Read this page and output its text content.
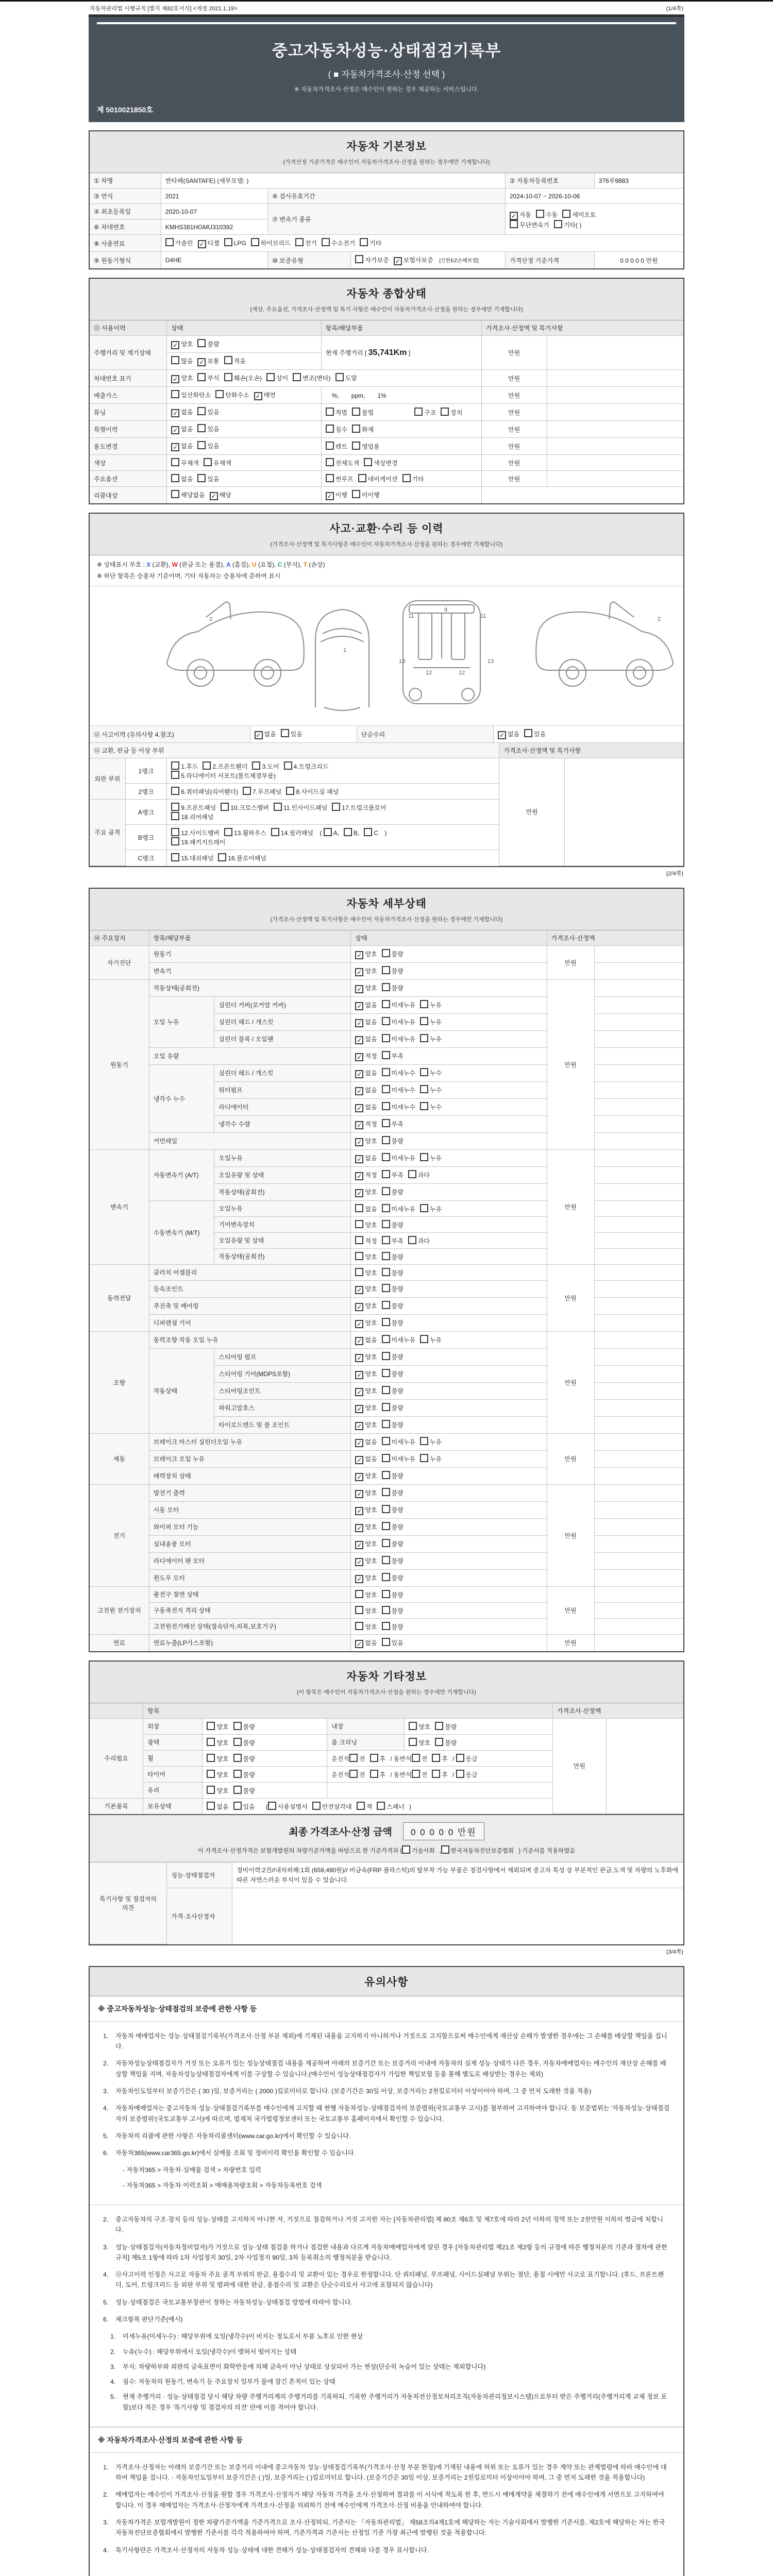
자동차관리법 시행규칙 [별지 제82호서식] <개정 2021.1.19>	(1/4쪽)
중고자동차성능·상태점검기록부
( ■ 자동차가격조사·산정 선택 )
※ 자동차가격조사·산정은 매수인이 원하는 경우 제공하는 서비스입니다.
제 5010021850호
자동차 기본정보
(가격산정 기준가격은 매수인이 자동차가격조사·산정을 원하는 경우에만 기재합니다)
① 차명	싼타페(SANTAFE) (세부모델: )			② 자동차등록번호	376루9883
③ 연식	2021	④ 검사유효기간		2024-10-07 ~ 2026-10-06	
⑤ 최초등록일	2020-10-07	⑦ 변속기 종류		✓ 자동 수동 세미오토
무단변속기 기타( )	
⑥ 차대번호	KMHS381HGMU310392				
⑧ 사용연료	가솔린 ✓ 디젤 LPG 하이브리드 전기 수소전기 기타				
⑨ 원동기형식	D4HE	⑩ 보증유형	자가보증 ✓ 보험사보증 [신한EZ손해보험]	가격산정 기준가격	0 0 0 0 0 만원
자동차 종합상태
(색상, 주요옵션, 가격조사·산정액 및 특기 사항은 매수인이 자동차가격조사·산정을 원하는 경우에만 기재합니다)
⑪ 사용이력	상태	항목/해당부품	가격조사·산정액 및 특기사항	
주행거리 및 계기상태	✓ 양호 불량	현재 주행거리 [ 35,741Km ]	만원	
	많음 ✓ 보통 적음			
차대번호 표기	✓ 양호 부식 훼손(오손) 상이 변조(변타) 도말		만원	
배출가스	일산화탄소 탄화수소 ✓ 매연	　%,　　ppm,　　1%	만원	
튜닝	✓ 없음 있음	적법 불법 구조 장치	만원	
특별이력	✓ 없음 있음	침수 화재	만원	
용도변경	✓ 없음 있음	렌트 영업용	만원	
색상	무채색 유채색	전체도색 색상변경	만원	
주요옵션	없음 있음	썬루프 네비게이션 기타	만원	
리콜대상	해당없음 ✓ 해당	✓ 이행 미이행		
사고·교환·수리 등 이력
(가격조사·산정액 및 특기사항은 매수인이 자동차가격조사·산정을 원하는 경우에만 기재합니다)
※ 상태표시 부호 : X (교환), W (판금 또는 용접), A (흠집), U (요철), C (부식), T (손상)
※ 하단 항목은 승용차 기준이며, 기타 자동차는 승용차에 준하여 표시
2
1
11	11
9
13	13
12	12
2
⑫ 사고이력 (유의사항 4.참조)	✓ 없음 있음	단순수리	✓ 없음 있음
⑬ 교환, 판금 등 이상 부위			가격조사·산정액 및 특기사항	
외판 부위	1랭크	1.후드 2.프론트휀더 3.도어 4.트렁크리드
5.라디에이터 서포트(볼트체결부품)	만원	
	2랭크	6.쿼터패널(리어휀더) 7.루프패널 8.사이드실 패널		
주요 골격	A랭크	9.프론트패널 10.크로스멤버 11.인사이드패널 17.트렁크플로어
18.리어패널		
	B랭크	12.사이드멤버 13.휠하우스 14.필러패널 ( A, B, C )
19.패키지트레이		
	C랭크	15.대쉬패널 16.플로어패널		
(2/4쪽)
자동차 세부상태
(가격조사·산정액 및 특기사항은 매수인이 자동차가격조사·산정을 원하는 경우에만 기재합니다)
⑭ 주요장치	항목/해당부품		상태	가격조사·산정액	
자기진단	원동기		✓ 양호 불량	만원	
	변속기		✓ 양호 불량		
원동기	작동상태(공회전)		✓ 양호 불량	만원	
	오일 누유	실린더 커버(로커암 커버)	✓ 없음 미세누유 누유		
		실린더 헤드 / 개스킷	✓ 없음 미세누유 누유		
		실린더 블록 / 오일팬	✓ 없음 미세누유 누유		
	오일 유량		✓ 적정 부족		
	냉각수 누수	실린더 헤드 / 개스킷	✓ 없음 미세누수 누수		
		워터펌프	✓ 없음 미세누수 누수		
		라디에이터	✓ 없음 미세누수 누수		
		냉각수 수량	✓ 적정 부족		
	커먼레일		✓ 양호 불량		
변속기	자동변속기 (A/T)	오일누유	✓ 없음 미세누유 누유	만원	
		오일유량 및 상태	✓ 적정 부족 과다		
		작동상태(공회전)	✓ 양호 불량		
	수동변속기 (M/T)	오일누유	없음 미세누유 누유		
		기어변속장치	양호 불량		
		오일유량 및 상태	적정 부족 과다		
		작동상태(공회전)	양호 불량		
동력전달	클러치 어셈블리		양호 불량	만원	
	등속조인트		✓ 양호 불량		
	추진축 및 베어링		✓ 양호 불량		
	디퍼렌셜 기어		✓ 양호 불량		
조향	동력조향 작동 오일 누유		✓ 없음 미세누유 누유	만원	
	작동상태	스티어링 펌프	✓ 양호 불량		
		스티어링 기어(MDPS포함)	✓ 양호 불량		
		스티어링조인트	✓ 양호 불량		
		파워고압호스	✓ 양호 불량		
		타이로드엔드 및 볼 조인트	✓ 양호 불량		
제동	브레이크 마스터 실린더오일 누유		✓ 없음 미세누유 누유	만원	
	브레이크 오일 누유		✓ 없음 미세누유 누유		
	배력장치 상태		✓ 양호 불량		
전기	발전기 출력		✓ 양호 불량	만원	
	시동 모터		✓ 양호 불량		
	와이퍼 모터 기능		✓ 양호 불량		
	실내송풍 모터		✓ 양호 불량		
	라디에이터 팬 모터		✓ 양호 불량		
	윈도우 모터		✓ 양호 불량		
고전원 전기장치	충전구 절연 상태		양호 불량	만원	
	구동축전지 격리 상태		양호 불량		
	고전원전기배선 상태(접속단자,피복,보호기구)		양호 불량		
연료	연료누출(LP가스포함)		✓ 없음 있음	만원	
자동차 기타정보
(이 항목은 매수인이 자동차가격조사·산정을 원하는 경우에만 기재합니다)
	항목				가격조사·산정액	
수리필요	외장	양호 불량	내장	양호 불량	만원	
	광택	양호 불량	룸 크리닝	양호 불량		
	휠	양호 불량	운전석 전 후 / 동반석 전 후 / 응급			
	타이어	양호 불량	운전석 전 후 / 동반석 전 후 / 응급			
	유리	양호 불량				
기본품목	보유상태	없음 있음　( 사용설명서 안전삼각대 잭 스패너 )				
최종 가격조사·산정 금액 0 0 0 0 0 만원
이 가격조사·산정가격은 보험개발원의 차량기준가액을 바탕으로 한 기준가격과 ( 기술사회 , 한국자동차진단보증협회 ) 기준서를 적용하였음
특기사항 및 점검자의 의견	성능·상태점검자	정비이력:2건//내차피해:1회 (659,490원)// 비금속(FRP 플라스틱)의 탈부착 가능 부품은 점검사항에서 제외되며 중고차 특성 상 부분적인 판금,도색 및 차량의 노후화에 따른 자연스러운 부식이 있을 수 있습니다.
	가격·조사산정자	
(3/4쪽)
유의사항
※ 중고자동차성능·상태점검의 보증에 관한 사항 등
1.	자동차 매매업자는 성능·상태점검기록부(가격조사·산정 부분 제외)에 기재된 내용을 고지하지 아니하거나 거짓으로 고지함으로써 매수인에게 재산상 손해가 발생한 경우에는 그 손해를 배상할 책임을 집니다.
2.	자동차성능상태점검자가 거짓 또는 오류가 있는 성능상태점검 내용을 제공하여 아래의 보증기간 또는 보증거리 이내에 자동차의 실제 성능·상태가 다른 경우, 자동차매매업자는 매수인의 재산상 손해를 배상할 책임을 지며, 자동차성능상태점검자에게 이를 구상할 수 있습니다.(매수인이 성능상태점검자가 가입한 책임보험 등을 통해 별도로 배상받는 경우는 제외)
3.	자동차인도일부터 보증기간은 ( 30 )일, 보증거리는 ( 2000 )킬로미터로 합니다. (보증기간은 30일 이상, 보증거리는 2천킬로미터 이상이어야 하며, 그 중 먼저 도래한 것을 적용)
4.	자동차매매업자는 중고자동차 성능·상태점검기록부를 매수인에게 고지할 때 현행 자동차성능·상태점검자의 보증범위(국토교통부 고시)를 첨부하여 고지하여야 합니다. 동 보증범위는 '자동차성능·상태점검자의 보증범위'(국토교통부 고시)에 따르며, 법제처 국가법령정보센터 또는 국토교통부 홈페이지에서 확인할 수 있습니다.
5.	자동차의 리콜에 관한 사항은 자동차리콜센터(www.car.go.kr)에서 확인할 수 있습니다.
6.	자동차365(www.car365.go.kr)에서 실매물 조회 및 정비이력 확인을 확인할 수 있습니다.
- 자동차365 > 자동차·실매물 검색 > 차량번호 입력
- 자동차365 > 자동차·이력조회 > 매매용차량조회 > 자동차등록번호 검색
2.	중고자동차의 구조·장치 등의 성능·상태를 고지하지 아니한 자, 거짓으로 점검하거나 거짓 고지한 자는 [자동차관리법] 제 80조 제6호 및 제7호에 따라 2년 이하의 징역 또는 2천만원 이하의 벌금에 처합니다.
3.	성능·상태점검자(자동차정비업자)가 거짓으로 성능·상태 점검을 하거나 점검한 내용과 다르게 자동차매매업자에게 알린 경우 [자동차관리법 제21조 제2항 등의 규정에 따른 행정처분의 기준과 절차에 관한 규칙] 제5조 1항에 따라 1차 사업정지 30일, 2차 사업정지 90일, 3차 등록취소의 행정처분을 받습니다.
4.	⑫사고이력 인정은 사고로 자동차 주요 골격 부위의 판금, 용접수리 및 교환이 있는 경우로 한정합니다. 단 쿼터패널, 루프패널, 사이드실패널 부위는 절단, 용접 시에만 사고로 표기합니다. (후드, 프론트펜더, 도어, 트렁크리드 등 외판 부위 및 범퍼에 대한 판금, 용접수리 및 교환은 단순수리로서 사고에 포함되지 않습니다)
5.	성능·상태점검은 국토교통부장관이 정하는 자동차성능·상태점검 방법에 따라야 합니다.
6.	체크항목 판단기준(예시)
1.	미세누유(미세누수) : 해당부위에 오일(냉각수)이 비치는 정도로서 부품 노후로 인한 현상
2.	누유(누수) : 해당부위에서 오일(냉각수)이 맺혀서 떨어지는 상태
3.	부식: 차량하부와 외판의 금속표면이 화학반응에 의해 금속이 아닌 상태로 상실되어 가는 현상(단순히 녹슬어 있는 상태는 제외합니다)
4.	침수: 자동차의 원동기, 변속기 등 주요장치 일부가 물에 잠긴 흔적이 있는 상태
5.	현재 주행거리 · 성능·상태점검 당시 해당 차량 주행거리계의 주행거리를 기록하되, 기록한 주행거리가 자동차전산정보처리조직(자동차관리정보시스템)으로부터 받은 주행거리(주행거리계 교체 정보 포함)보다 적은 경우 '특기사항 및 점검자의 의견' 란에 이를 적어야 합니다.
※ 자동차가격조사·산정의 보증에 관한 사항 등
1.	가격조사·산정자는 아래의 보증기간 또는 보증거리 이내에 중고자동차 성능·상태점검기록부(가격조사·산정 부분 한정)에 기재된 내용에 허위 또는 오류가 있는 경우 계약 또는 관계법령에 따라 매수인에 대하여 책임을 집니다. · 자동차인도일부터 보증기간은 ( )일, 보증거리는 ( )킬로미터로 합니다. (보증기간은 30일 이상, 보증거리는 2천킬로미터 이상이어야 하며, 그 중 먼저 도래한 것을 적용합니다)
2.	매매업자는 매수인이 가격조사·산정을 원할 경우 가격조사·산정자가 해당 자동차 가격을 조사·산정하여 결과를 이 서식에 적도록 한 후, 반드시 매매계약을 체결하기 전에 매수인에게 서면으로 고지하여야 합니다. 이 경우 매매업자는 가격조사·산정자에게 가격조사·산정을 의뢰하기 전에 매수인에게 가격조사·산정 비용을 안내하여야 합니다.
3.	자동차가격은 보험개발원이 정한 차량기준가액을 기준가격으로 조사·산정하되, 기준서는 「자동차관리법」 제58조의4제1호에 해당하는 자는 기술사회에서 발행한 기준서를, 제2호에 해당하는 자는 한국자동차진단보증협회에서 발행한 기준서를 각각 적용하여야 하며, 기준가격과 기준서는 산정일 기준 가장 최근에 발행된 것을 적용합니다.
4.	특기사항란은 가격조사·산정자의 자동차 성능·상태에 대한 견해가 성능·상태점검자의 견해와 다를 경우 표시합니다.
